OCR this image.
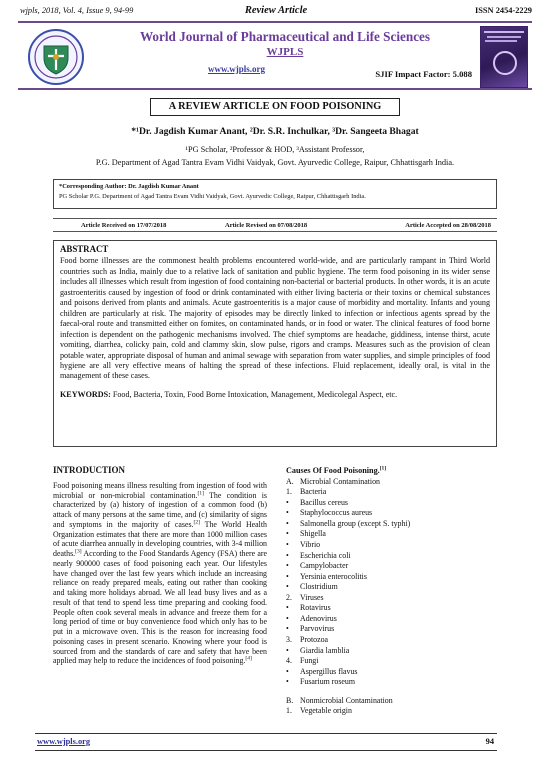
wjpls, 2018, Vol. 4, Issue 9, 94-99	Review Article	ISSN 2454-2229
World Journal of Pharmaceutical and Life Sciences
WJPLS
www.wjpls.org	SJIF Impact Factor: 5.088
A REVIEW ARTICLE ON FOOD POISONING
*¹Dr. Jagdish Kumar Anant, ²Dr. S.R. Inchulkar, ³Dr. Sangeeta Bhagat
¹PG Scholar, ²Professor & HOD, ³Assistant Professor,
P.G. Department of Agad Tantra Evam Vidhi Vaidyak, Govt. Ayurvedic College, Raipur, Chhattisgarh India.
*Corresponding Author: Dr. Jagdish Kumar Anant
PG Scholar P.G. Department of Agad Tantra Evam Vidhi Vaidyak, Govt. Ayurvedic College, Raipur, Chhattisgarh India.
Article Received on 17/07/2018	Article Revised on 07/08/2018	Article Accepted on 28/08/2018
ABSTRACT

Food borne illnesses are the commonest health problems encountered world-wide, and are particularly rampant in Third World countries such as India, mainly due to a relative lack of sanitation and public hygiene. The term food poisoning in its wider sense includes all illnesses which result from ingestion of food containing non-bacterial or bacterial products. In other words, it is an acute gastroenteritis caused by ingestion of food or drink contaminated with either living bacteria or their toxins or chemical substances and poisons derived from plants and animals. Acute gastroenteritis is a major cause of morbidity and mortality. Infants and young children are particularly at risk. The majority of episodes may be directly linked to infection or infectious agents spread by the faecal-oral route and transmitted either on fomites, on contaminated hands, or in food or water. The clinical features of food borne infection is dependent on the pathogenic mechanisms involved. The chief symptoms are headache, giddiness, intense thirst, acute vomiting, diarrhea, colicky pain, cold and clammy skin, slow pulse, rigors and cramps. Measures such as the provision of clean potable water, appropriate disposal of human and animal sewage with separation from water supplies, and simple principles of food hygiene are all very effective means of halting the spread of these infections. Fluid replacement, ideally oral, is vital in the management of these cases.

KEYWORDS: Food, Bacteria, Toxin, Food Borne Intoxication, Management, Medicolegal Aspect, etc.

INTRODUCTION

Food poisoning means illness resulting from ingestion of food with microbial or non-microbial contamination.[1] The condition is characterized by (a) history of ingestion of a common food (b) attack of many persons at the same time, and (c) similarity of signs and symptoms in the majority of cases.[2] The World Health Organization estimates that there are more than 1000 million cases of acute diarrhea annually in developing countries, with 3-4 million deaths.[3] According to the Food Standards Agency (FSA) there are nearly 900000 cases of food poisoning each year. Our lifestyles have changed over the last few years which include an increasing reliance on ready prepared meals, eating out rather than cooking and taking more holidays abroad. We all lead busy lives and as a result of that tend to spend less time preparing and cooking food. People often cook several meals in advance and freeze them for a long period of time or buy convenience food which only has to be put in a microwave oven. This is the reason for increasing food poisoning cases in present scenario. Knowing where your food is sourced from and the standards of care and safety that have been applied may help to reduce the incidences of food poisoning.[4]

Causes Of Food Poisoning.[1]
A. Microbial Contamination
1. Bacteria
• Bacillus cereus
• Staphylococcus aureus
• Salmonella group (except S. typhi)
• Shigella
• Vibrio
• Escherichia coli
• Campylobacter
• Yersinia enterocolitis
• Clostridium
2. Viruses
• Rotavirus
• Adenovirus
• Parvovirus
3. Protozoa
• Giardia lamblia
4. Fungi
• Aspergillus flavus
• Fusarium roseum
B. Nonmicrobial Contamination
1. Vegetable origin
www.wjpls.org	94
